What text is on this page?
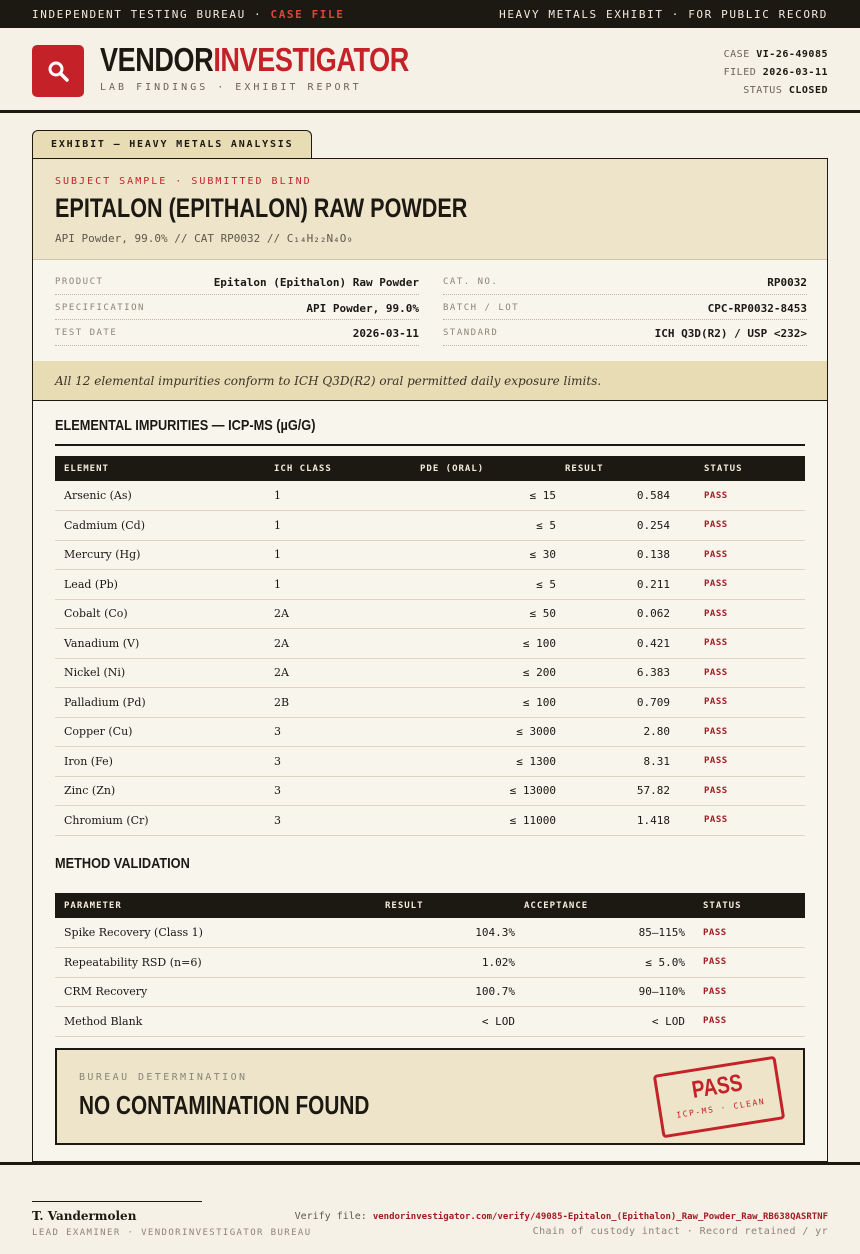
INDEPENDENT TESTING BUREAU · CASE FILE	HEAVY METALS EXHIBIT · FOR PUBLIC RECORD
VENDORINVESTIGATOR
LAB FINDINGS · EXHIBIT REPORT
CASE VI-26-49085
FILED 2026-03-11
STATUS CLOSED
EXHIBIT — HEAVY METALS ANALYSIS
SUBJECT SAMPLE · SUBMITTED BLIND
EPITALON (EPITHALON) RAW POWDER
API Powder, 99.0% // CAT RP0032 // C₁₄H₂₂N₄O₉
PRODUCT	Epitalon (Epithalon) Raw Powder
SPECIFICATION	API Powder, 99.0%
TEST DATE	2026-03-11
CAT. NO.	RP0032
BATCH / LOT	CPC-RP0032-8453
STANDARD	ICH Q3D(R2) / USP <232>
All 12 elemental impurities conform to ICH Q3D(R2) oral permitted daily exposure limits.
ELEMENTAL IMPURITIES — ICP-MS (µG/G)
ELEMENT	ICH CLASS	PDE (ORAL)	RESULT	STATUS
Arsenic (As)	1	≤ 15	0.584	PASS
Cadmium (Cd)	1	≤ 5	0.254	PASS
Mercury (Hg)	1	≤ 30	0.138	PASS
Lead (Pb)	1	≤ 5	0.211	PASS
Cobalt (Co)	2A	≤ 50	0.062	PASS
Vanadium (V)	2A	≤ 100	0.421	PASS
Nickel (Ni)	2A	≤ 200	6.383	PASS
Palladium (Pd)	2B	≤ 100	0.709	PASS
Copper (Cu)	3	≤ 3000	2.80	PASS
Iron (Fe)	3	≤ 1300	8.31	PASS
Zinc (Zn)	3	≤ 13000	57.82	PASS
Chromium (Cr)	3	≤ 11000	1.418	PASS
METHOD VALIDATION
PARAMETER	RESULT	ACCEPTANCE	STATUS
Spike Recovery (Class 1)	104.3%	85–115%	PASS
Repeatability RSD (n=6)	1.02%	≤ 5.0%	PASS
CRM Recovery	100.7%	90–110%	PASS
Method Blank	< LOD	< LOD	PASS
BUREAU DETERMINATION
NO CONTAMINATION FOUND
PASS
ICP-MS · CLEAN
T. Vandermolen
LEAD EXAMINER · VENDORINVESTIGATOR BUREAU
Verify file: vendorinvestigator.com/verify/49085-Epitalon_(Epithalon)_Raw_Powder_Raw_RB638QASRTNF
Chain of custody intact · Record retained / yr
